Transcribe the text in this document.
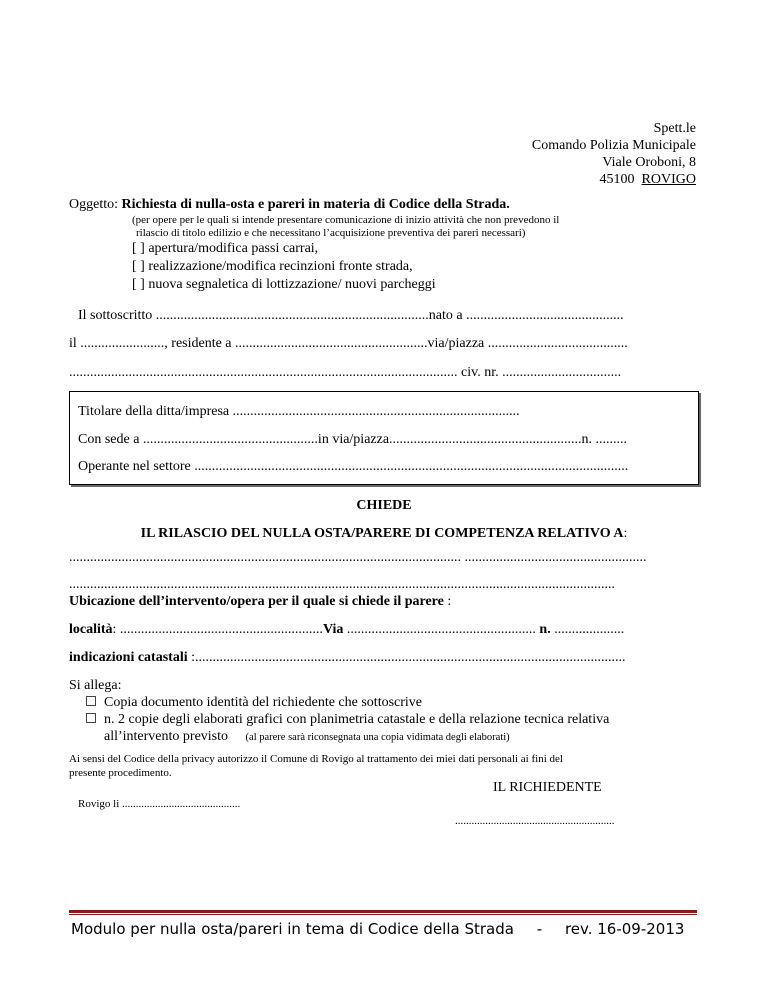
Spett.le
Comando Polizia Municipale
Viale Oroboni, 8
45100 ROVIGO
Oggetto: Richiesta di nulla-osta e pareri in materia di Codice della Strada.
(per opere per le quali si intende presentare comunicazione di inizio attività che non prevedono il
rilascio di titolo edilizio e che necessitano l’acquisizione preventiva dei pareri necessari)
[ ] apertura/modifica passi carrai,
[ ] realizzazione/modifica recinzioni fronte strada,
[ ] nuova segnaletica di lottizzazione/ nuovi parcheggi
Il sottoscritto ..............................................................................nato a .............................................
il ........................, residente a .......................................................via/piazza ........................................
............................................................................................................... civ. nr. ..................................
Titolare della ditta/impresa ..................................................................................
Con sede a ..................................................in via/piazza.......................................................n. .........
Operante nel settore ............................................................................................................................
CHIEDE
IL RILASCIO DEL NULLA OSTA/PARERE DI COMPETENZA RELATIVO A:
................................................................................................................ ....................................................
............................................................................................................................................................
Ubicazione dell’intervento/opera per il quale si chiede il parere :
località: ..........................................................Via ...................................................... n. ....................
indicazioni catastali :...........................................................................................................................
Si allega:
Copia documento identità del richiedente che sottoscrive
n. 2 copie degli elaborati grafici con planimetria catastale e della relazione tecnica relativa
all’intervento previsto (al parere sarà riconsegnata una copia vidimata degli elaborati)
Ai sensi del Codice della privacy autorizzo il Comune di Rovigo al trattamento dei miei dati personali ai fini del
presente procedimento.
IL RICHIEDENTE
Rovigo li ...........................................
..........................................................
Modulo per nulla osta/pareri in tema di Codice della Strada - rev. 16-09-2013
